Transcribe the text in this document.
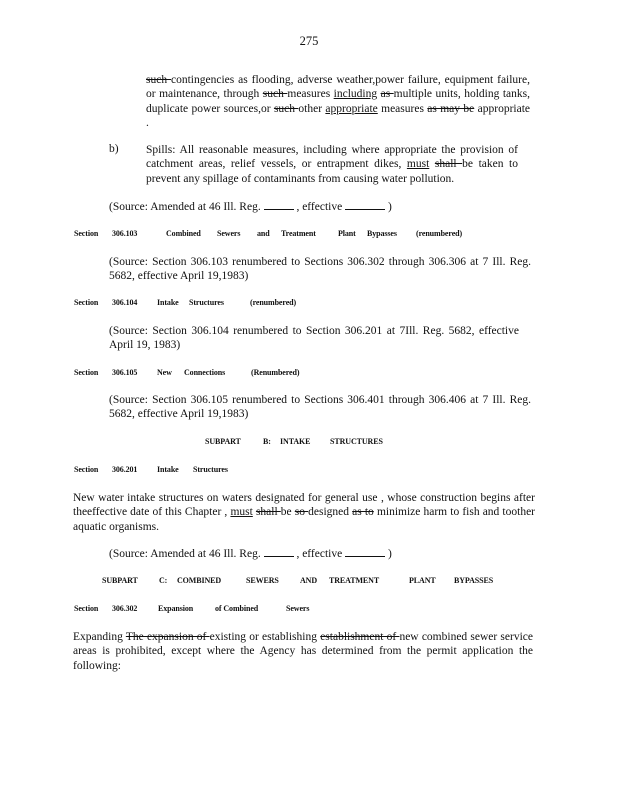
275
such contingencies as flooding, adverse weather,power failure, equipment failure, or maintenance, through such measures including as multiple units, holding tanks, duplicate power sources,or such other appropriate measures as may be appropriate .
b) Spills: All reasonable measures, including where appropriate the provision of catchment areas, relief vessels, or entrapment dikes, must shall be taken to prevent any spillage of contaminants from causing water pollution.
(Source: Amended at 46 Ill. Reg.	, effective	)
Section 306.103	Combined Sewers and Treatment	Plant Bypasses (renumbered)
(Source: Section 306.103 renumbered to Sections 306.302 through 306.306 at 7 Ill. Reg. 5682, effective April 19,1983)
Section 306.104 Intake Structures	(renumbered)
(Source: Section 306.104 renumbered to Section 306.201 at 7Ill. Reg. 5682, effective April 19, 1983)
Section 306.105 New Connections	(Renumbered)
(Source: Section 306.105 renumbered to Sections 306.401 through 306.406 at 7 Ill. Reg. 5682, effective April 19,1983)
SUBPART	B: INTAKE STRUCTURES
Section 306.201 Intake Structures
New water intake structures on waters designated for general use , whose construction begins after theeffective date of this Chapter , must shall be so designed as to minimize harm to fish and toother aquatic organisms.
(Source: Amended at 46 Ill. Reg.	, effective	)
SUBPART	C: COMBINED	SEWERS	AND TREATMENT	PLANT BYPASSES
Section 306.302	Expansion	of Combined	Sewers
Expanding The expansion of existing or establishing establishment of new combined sewer service areas is prohibited, except where the Agency has determined from the permit application the following:
